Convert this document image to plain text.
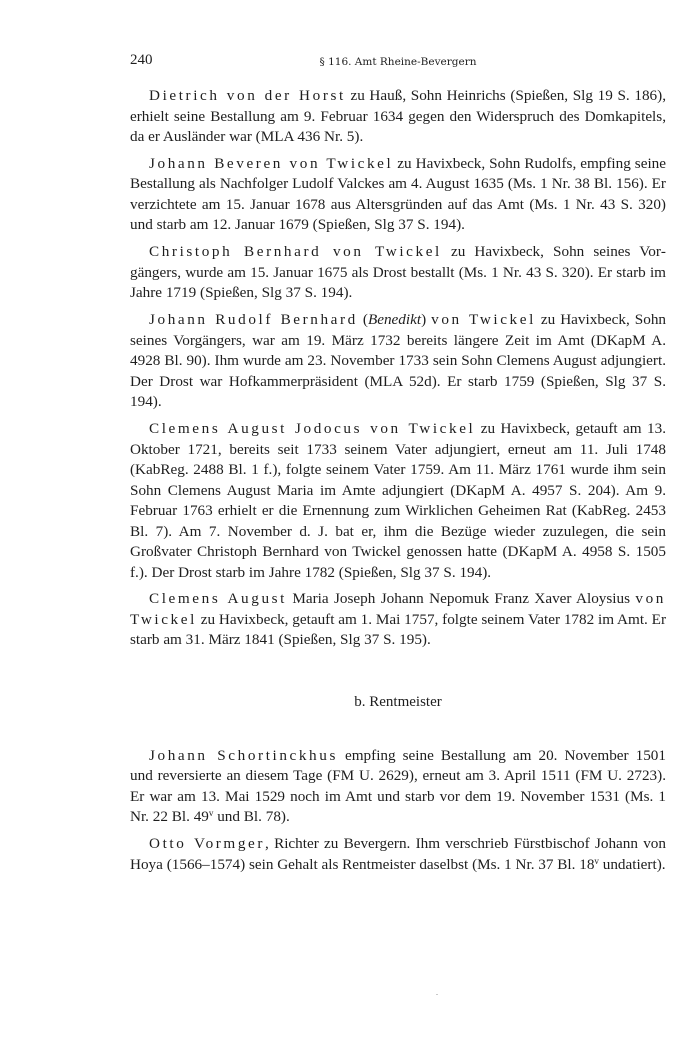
240	§ 116. Amt Rheine-Bevergern

Dietrich von der Horst zu Hauß, Sohn Heinrichs (Spießen, Slg 19 S. 186), erhielt seine Bestallung am 9. Februar 1634 gegen den Widerspruch des Domkapitels, da er Ausländer war (MLA 436 Nr. 5).

Johann Beveren von Twickel zu Havixbeck, Sohn Rudolfs, empfing seine Bestallung als Nachfolger Ludolf Valckes am 4. August 1635 (Ms. 1 Nr. 38 Bl. 156). Er verzichtete am 15. Januar 1678 aus Altersgründen auf das Amt (Ms. 1 Nr. 43 S. 320) und starb am 12. Januar 1679 (Spießen, Slg 37 S. 194).

Christoph Bernhard von Twickel zu Havixbeck, Sohn seines Vorgängers, wurde am 15. Januar 1675 als Drost bestallt (Ms. 1 Nr. 43 S. 320). Er starb im Jahre 1719 (Spießen, Slg 37 S. 194).

Johann Rudolf Bernhard (Benedikt) von Twickel zu Havixbeck, Sohn seines Vorgängers, war am 19. März 1732 bereits längere Zeit im Amt (DKapM A. 4928 Bl. 90). Ihm wurde am 23. November 1733 sein Sohn Clemens August adjungiert. Der Drost war Hofkammerpräsident (MLA 52d). Er starb 1759 (Spießen, Slg 37 S. 194).

Clemens August Jodocus von Twickel zu Havixbeck, getauft am 13. Oktober 1721, bereits seit 1733 seinem Vater adjungiert, erneut am 11. Juli 1748 (KabReg. 2488 Bl. 1 f.), folgte seinem Vater 1759. Am 11. März 1761 wurde ihm sein Sohn Clemens August Maria im Amte adjungiert (DKapM A. 4957 S. 204). Am 9. Februar 1763 erhielt er die Ernennung zum Wirklichen Geheimen Rat (KabReg. 2453 Bl. 7). Am 7. November d. J. bat er, ihm die Bezüge wieder zuzulegen, die sein Großvater Christoph Bernhard von Twickel genossen hatte (DKapM A. 4958 S. 1505 f.). Der Drost starb im Jahre 1782 (Spießen, Slg 37 S. 194).

Clemens August Maria Joseph Johann Nepomuk Franz Xaver Aloysius von Twickel zu Havixbeck, getauft am 1. Mai 1757, folgte seinem Vater 1782 im Amt. Er starb am 31. März 1841 (Spießen, Slg 37 S. 195).

b. Rentmeister

Johann Schortinckhus empfing seine Bestallung am 20. November 1501 und reversierte an diesem Tage (FM U. 2629), erneut am 3. April 1511 (FM U. 2723). Er war am 13. Mai 1529 noch im Amt und starb vor dem 19. November 1531 (Ms. 1 Nr. 22 Bl. 49$^v$ und Bl. 78).

Otto Vormger, Richter zu Bevergern. Ihm verschrieb Fürstbischof Johann von Hoya (1566–1574) sein Gehalt als Rentmeister daselbst (Ms. 1 Nr. 37 Bl. 18$^v$ undatiert).
